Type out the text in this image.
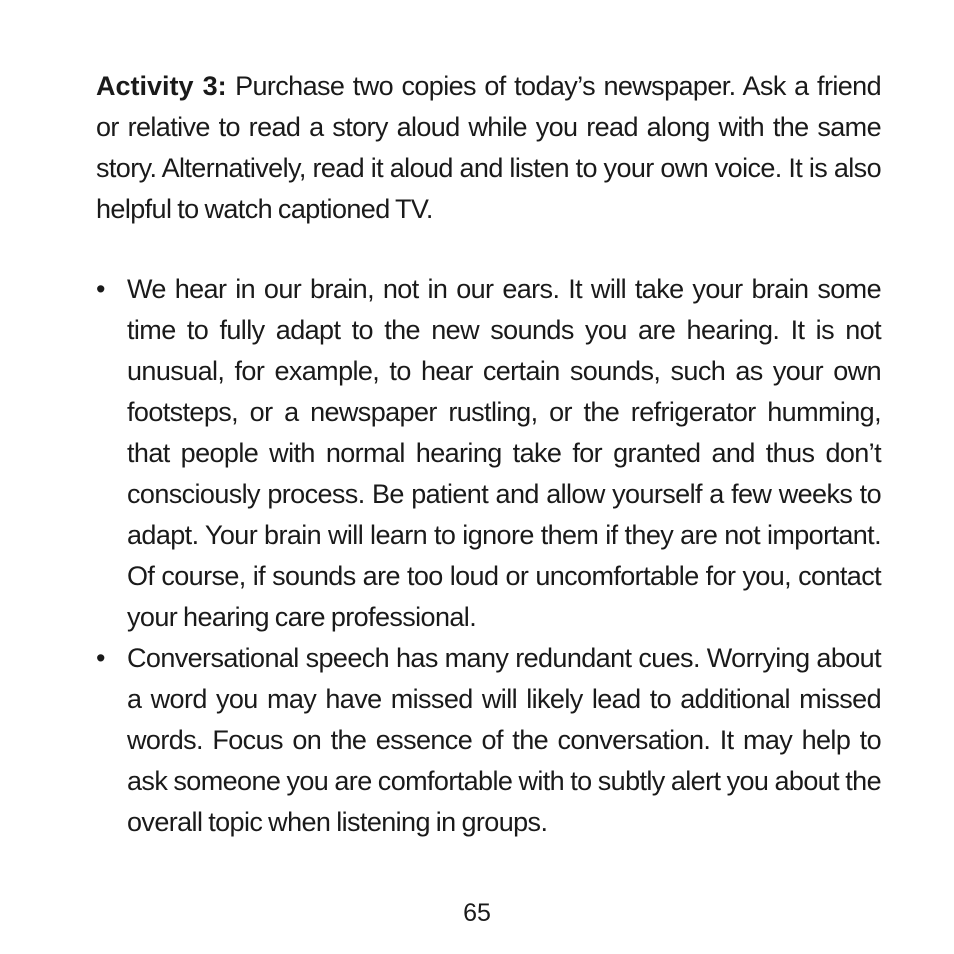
Activity 3: Purchase two copies of today’s newspaper. Ask a friend or relative to read a story aloud while you read along with the same story. Alternatively, read it aloud and listen to your own voice. It is also helpful to watch captioned TV.

• We hear in our brain, not in our ears. It will take your brain some time to fully adapt to the new sounds you are hearing. It is not unusual, for example, to hear certain sounds, such as your own footsteps, or a newspaper rustling, or the refrigerator humming, that people with normal hearing take for granted and thus don’t consciously process. Be patient and allow yourself a few weeks to adapt. Your brain will learn to ignore them if they are not important. Of course, if sounds are too loud or uncomfortable for you, contact your hearing care professional.
• Conversational speech has many redundant cues. Worrying about a word you may have missed will likely lead to additional missed words. Focus on the essence of the conversation. It may help to ask someone you are comfortable with to subtly alert you about the overall topic when listening in groups.
65
